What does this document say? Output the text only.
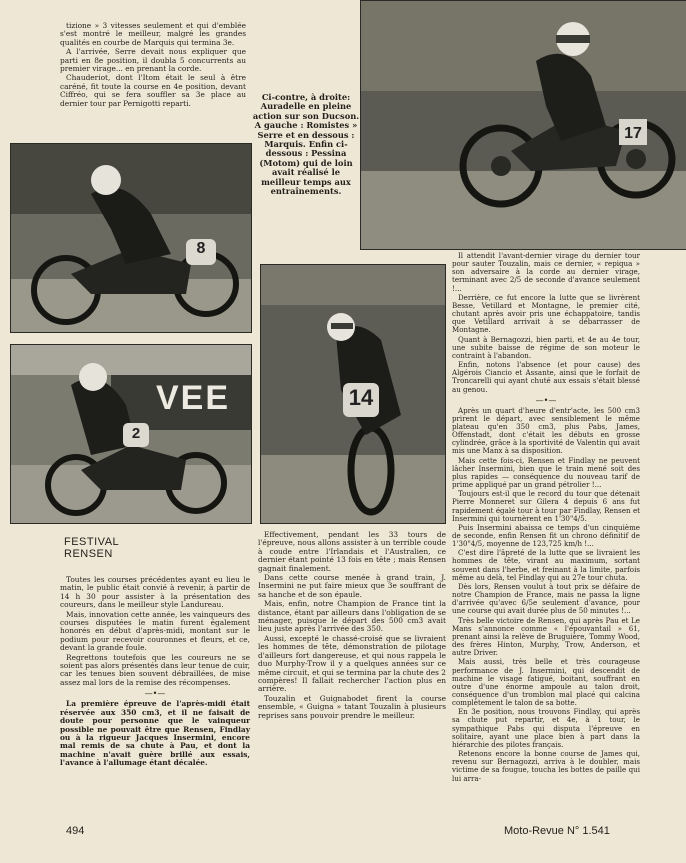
tizione » 3 vitesses seulement et qui d'emblée s'est montré le meilleur, malgré les grandes qualités en courbe de Marquis qui termina 3e.

A l'arrivée, Serre devait nous expliquer que parti en 8e position, il doubla 5 concurrents au premier virage... en prenant la corde.

Chauderiot, dont l'Itom était le seul à être caréné, fit toute la course en 4e position, devant Ciffréo, qui se fera souffler sa 3e place au dernier tour par Pernigotti reparti.

Ci-contre, à droite: Auradelle en pleine action sur son Ducson. A gauche : Romistes » Serre et en dessous : Marquis. Enfin ci-dessous : Pessina (Motom) qui de loin avait réalisé le meilleur temps aux entraînements.
17
8
VEE
2
14
FESTIVAL
RENSEN

Toutes les courses précédentes ayant eu lieu le matin, le public était convié à revenir, à partir de 14 h 30 pour assister à la présentation des coureurs, dans le meilleur style Landureau.

Mais, innovation cette année, les vainqueurs des courses disputées le matin furent également honorés en début d'après-midi, montant sur le podium pour recevoir couronnes et fleurs, et ce, devant la grande foule.

Regrettons toutefois que les coureurs ne se soient pas alors présentés dans leur tenue de cuir, car les tenues bien souvent débraillées, de mise assez mal lors de la remise des récompenses.

—•—

La première épreuve de l'après-midi était réservée aux 350 cm3, et il ne faisait de doute pour personne que le vainqueur possible ne pouvait être que Rensen, Findlay ou à la rigueur Jacques Insermini, encore mal remis de sa chute à Pau, et dont la machine n'avait guère brillé aux essais, l'avance à l'allumage étant décalée.

Effectivement, pendant les 33 tours de l'épreuve, nous allons assister à un terrible coude à coude entre l'Irlandais et l'Australien, ce dernier étant pointé 13 fois en tête ; mais Rensen gagnait finalement.

Dans cette course menée à grand train, J. Insermini ne put faire mieux que 3e souffrant de sa hanche et de son épaule.

Mais, enfin, notre Champion de France tint la distance, étant par ailleurs dans l'obligation de se ménager, puisque le départ des 500 cm3 avait lieu juste après l'arrivée des 350.

Aussi, excepté le chassé-croisé que se livraient les hommes de tête, démonstration de pilotage d'ailleurs fort dangereuse, et qui nous rappela le duo Murphy-Trow il y a quelques années sur ce même circuit, et qui se termina par la chute des 2 compères! Il fallait rechercher l'action plus en arrière.

Touzalin et Guignabodet firent la course ensemble, « Guigna » tatant Touzalin à plusieurs reprises sans pouvoir prendre le meilleur.

Il attendit l'avant-dernier virage du dernier tour pour sauter Touzalin, mais ce dernier, « repiqua » son adversaire à la corde au dernier virage, terminant avec 2/5 de seconde d'avance seulement !...

Derrière, ce fut encore la lutte que se livrèrent Besse, Vetillard et Montagne, le premier cité, chutant après avoir pris une échappatoire, tandis que Vetillard arrivait à se débarrasser de Montagne.

Quant à Bernagozzi, bien parti, et 4e au 4e tour, une subite baisse de régime de son moteur le contraint à l'abandon.

Enfin, notons l'absence (et pour cause) des Algérois Ciancio et Assante, ainsi que le forfait de Troncarelli qui ayant chuté aux essais s'était blessé au genou.

—•—

Après un quart d'heure d'entr'acte, les 500 cm3 prirent le départ, avec sensiblement le même plateau qu'en 350 cm3, plus Pabs, James, Offenstadt, dont c'était les débuts en grosse cylindrée, grâce à la sportivité de Valentin qui avait mis une Manx à sa disposition.

Mais cette fois-ci, Rensen et Findlay ne peuvent lâcher Insermini, bien que le train mené soit des plus rapides — conséquence du nouveau tarif de prime appliqué par un grand pétrolier !...

Toujours est-il que le record du tour que détenait Pierre Monneret sur Gilera 4 depuis 6 ans fut rapidement égalé tour à tour par Findlay, Rensen et Insermini qui tournèrent en 1'30"4/5.

Puis Insermini abaissa ce temps d'un cinquième de seconde, enfin Rensen fit un chrono définitif de 1'30"4/5, moyenne de 123,725 km/h !...

C'est dire l'âpreté de la lutte que se livraient les hommes de tête, virant au maximum, sortant souvent dans l'herbe, et freinant à la limite, parfois même au delà, tel Findlay qui au 27e tour chuta.

Dès lors, Rensen voulut à tout prix se défaire de notre Champion de France, mais ne passa la ligne d'arrivée qu'avec 6/5e seulement d'avance, pour une course qui avait durée plus de 50 minutes !...

Très belle victoire de Rensen, qui après Pau et Le Mans s'annonce comme « l'épouvantail » 61, prenant ainsi la relève de Bruguière, Tommy Wood, des frères Hinton, Murphy, Trow, Anderson, et autre Driver.

Mais aussi, très belle et très courageuse performance de J. Insermini, qui descendit de machine le visage fatigué, boitant, souffrant en outre d'une énorme ampoule au talon droit, conséquence d'un tromblon mal placé qui calcina complètement le talon de sa botte.

En 3e position, nous trouvons Findlay, qui après sa chute put repartir, et 4e, à 1 tour, le sympathique Pabs qui disputa l'épreuve en solitaire, ayant une place bien à part dans la hiérarchie des pilotes français.

Retenons encore la bonne course de James qui, revenu sur Bernagozzi, arriva à le doubler, mais victime de sa fougue, toucha les bottes de paille qui lui arra-

494	Moto-Revue N° 1.541
